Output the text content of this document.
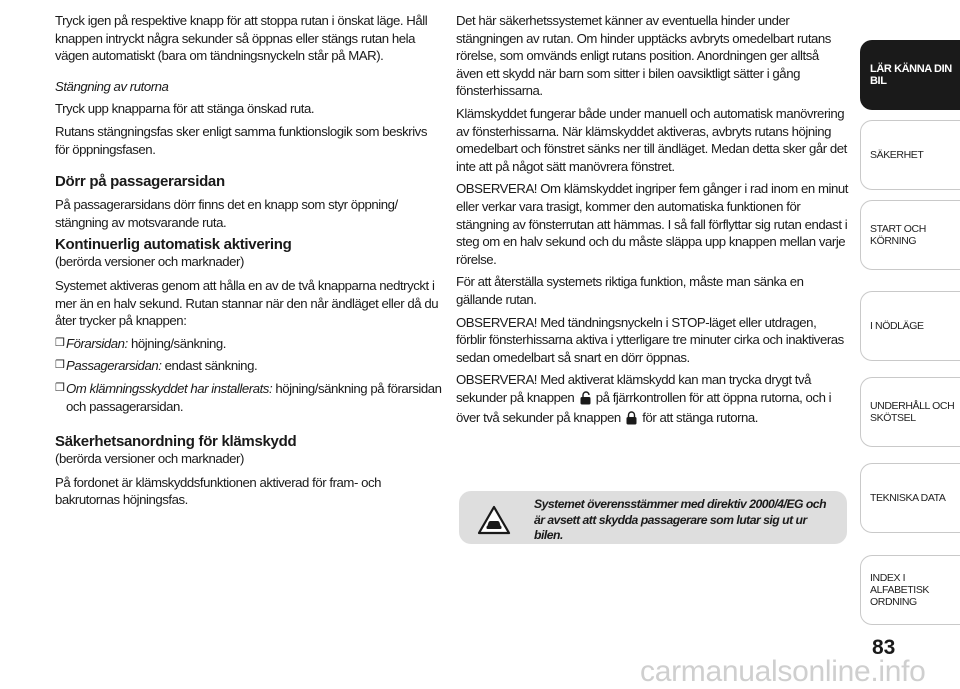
Tryck igen på respektive knapp för att stoppa rutan i önskat läge. Håll knappen intryckt några sekunder så öppnas eller stängs rutan hela vägen automatiskt (bara om tändningsnyckeln står på MAR).

Stängning av rutorna

Tryck upp knapparna för att stänga önskad ruta.

Rutans stängningsfas sker enligt samma funktionslogik som beskrivs för öppningsfasen.

Dörr på passagerarsidan

På passagerarsidans dörr finns det en knapp som styr öppning/ stängning av motsvarande ruta.

Kontinuerlig automatisk aktivering
(berörda versioner och marknader)

Systemet aktiveras genom att hålla en av de två knapparna nedtryckt i mer än en halv sekund. Rutan stannar när den når ändläget eller då du åter trycker på knappen:

❒ Förarsidan: höjning/sänkning.
❒ Passagerarsidan: endast sänkning.
❒ Om klämningsskyddet har installerats: höjning/sänkning på förarsidan och passagerarsidan.
Säkerhetsanordning för klämskydd
(berörda versioner och marknader)

På fordonet är klämskyddsfunktionen aktiverad för fram- och bakrutornas höjningsfas.

Det här säkerhetssystemet känner av eventuella hinder under stängningen av rutan. Om hinder upptäcks avbryts omedelbart rutans rörelse, som omvänds enligt rutans position. Anordningen ger alltså även ett skydd när barn som sitter i bilen oavsiktligt sätter i gång fönsterhissarna.

Klämskyddet fungerar både under manuell och automatisk manövrering av fönsterhissarna. När klämskyddet aktiveras, avbryts rutans höjning omedelbart och fönstret sänks ner till ändläget. Medan detta sker går det inte att på något sätt manövrera fönstret.

OBSERVERA! Om klämskyddet ingriper fem gånger i rad inom en minut eller verkar vara trasigt, kommer den automatiska funktionen för stängning av fönsterrutan att hämmas. I så fall förflyttar sig rutan endast i steg om en halv sekund och du måste släppa upp knappen mellan varje rörelse.

För att återställa systemets riktiga funktion, måste man sänka en gällande rutan.

OBSERVERA! Med tändningsnyckeln i STOP-läget eller utdragen, förblir fönsterhissarna aktiva i ytterligare tre minuter cirka och inaktiveras sedan omedelbart så snart en dörr öppnas.

OBSERVERA! Med aktiverat klämskydd kan man trycka drygt två sekunder på knappen på fjärrkontrollen för att öppna rutorna, och i över två sekunder på knappen för att stänga rutorna.

Systemet överensstämmer med direktiv 2000/4/EG och är avsett att skydda passagerare som lutar sig ut ur bilen.
LÄR KÄNNA DIN BIL
SÄKERHET
START OCH KÖRNING
I NÖDLÄGE
UNDERHÅLL OCH SKÖTSEL
TEKNISKA DATA
INDEX I ALFABETISK ORDNING
83
carmanualsonline.info
